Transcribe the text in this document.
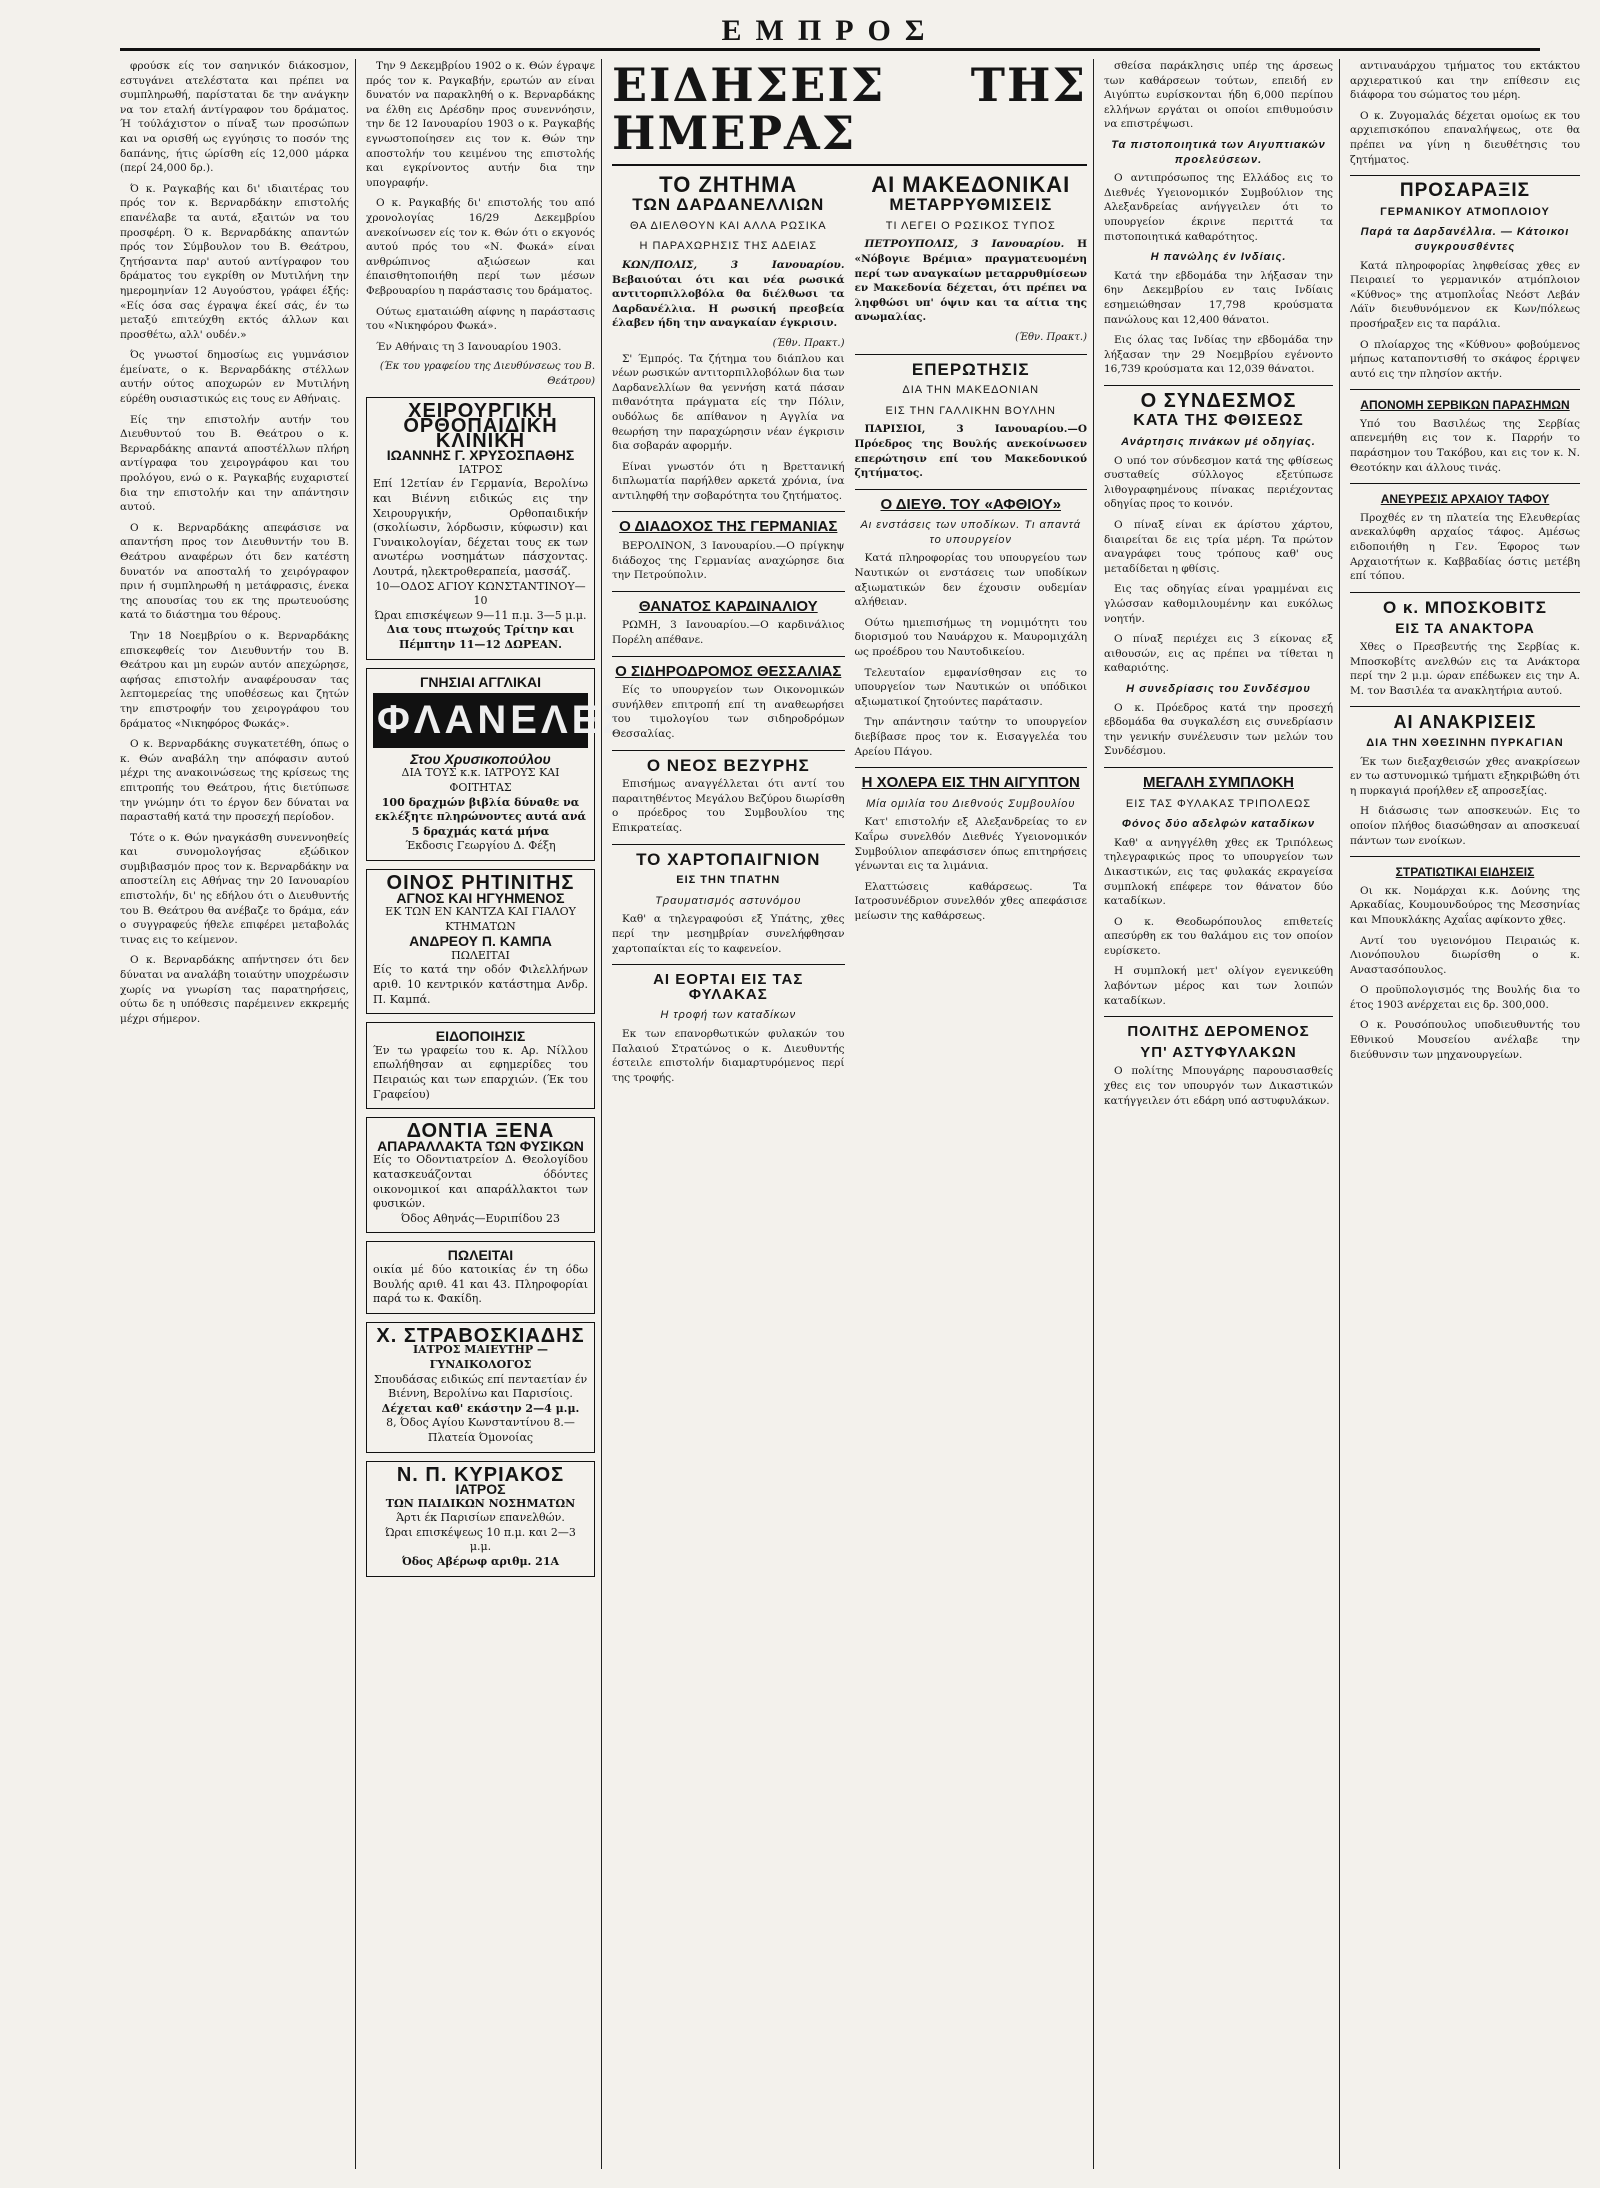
ΕΜΠΡΟΣ

φρούσκ είς τον σαηνικόν διάκοσμον, εστυγάνει ατελέστατα και πρέπει να συμπληρωθή, παρίσταται δε την ανάγκην να τον εταλή άντίγραφον του δράματος. Ή τούλάχιστον ο πίναξ των προσώπων και να ορισθή ως εγγύησις το ποσόν της δαπάνης, ήτις ώρίσθη είς 12,000 μάρκα (περί 24,000 δρ.).

Ό κ. Ραγκαβής και δι' ιδιαιτέρας του πρός τον κ. Βερναρδάκην επιστολής επανέλαβε τα αυτά, εξαιτών να του προσφέρη. Ό κ. Βερναρδάκης απαντών πρός τον Σύμβουλον του Β. Θεάτρου, ζητήσαντα παρ' αυτού αντίγραφον του δράματος του εγκρίθη ον Μυτιλήνη την ημερομηνίαν 12 Αυγούστου, γράφει έξής: «Είς όσα σας έγραψα έκεί σάς, έν τω μεταξύ επιτεύχθη εκτός άλλων και προσθέτω, αλλ' ουδέν.»

Ός γνωστοί δημοσίως εις γυμνάσιον έμείνατε, ο κ. Βερναρδάκης στέλλων αυτήν ούτος αποχωρών εν Μυτιλήνη εύρέθη ουσιαστικώς εις τους εν Αθήναις.

Είς την επιστολήν αυτήν του Διευθυντού του Β. Θεάτρου ο κ. Βερναρδάκης απαντά αποστέλλων πλήρη αντίγραφα του χειρογράφου και του προλόγου, ενώ ο κ. Ραγκαβής ευχαριστεί δια την επιστολήν και την απάντησιν αυτού.

Ο κ. Βερναρδάκης απεφάσισε να απαντήση προς τον Διευθυντήν του Β. Θεάτρου αναφέρων ότι δεν κατέστη δυνατόν να αποσταλή το χειρόγραφον πριν ή συμπληρωθή η μετάφρασις, ένεκα της απουσίας του εκ της πρωτευούσης κατά το διάστημα του θέρους.

Την 18 Νοεμβρίου ο κ. Βερναρδάκης επισκεφθείς τον Διευθυντήν του Β. Θεάτρου και μη ευρών αυτόν απεχώρησε, αφήσας επιστολήν αναφέρουσαν τας λεπτομερείας της υποθέσεως και ζητών την επιστροφήν του χειρογράφου του δράματος «Νικηφόρος Φωκάς».

Ο κ. Βερναρδάκης συγκατετέθη, όπως ο κ. Θών αναβάλη την απόφασιν αυτού μέχρι της ανακοινώσεως της κρίσεως της επιτροπής του Θεάτρου, ήτις διετύπωσε την γνώμην ότι το έργον δεν δύναται να παρασταθή κατά την προσεχή περίοδον.

Τότε ο κ. Θών ηναγκάσθη συνεννοηθείς και συνομολογήσας εξώδικον συμβιβασμόν προς τον κ. Βερναρδάκην να αποστείλη εις Αθήνας την 20 Ιανουαρίου επιστολήν, δι' ης εδήλου ότι ο Διευθυντής του Β. Θεάτρου θα ανέβαζε το δράμα, εάν ο συγγραφεύς ήθελε επιφέρει μεταβολάς τινας εις το κείμενον.

Ο κ. Βερναρδάκης απήντησεν ότι δεν δύναται να αναλάβη τοιαύτην υποχρέωσιν χωρίς να γνωρίση τας παρατηρήσεις, ούτω δε η υπόθεσις παρέμεινεν εκκρεμής μέχρι σήμερον.

Την 9 Δεκεμβρίου 1902 ο κ. Θών έγραψε πρός τον κ. Ραγκαβήν, ερωτών αν είναι δυνατόν να παρακληθή ο κ. Βερναρδάκης να έλθη εις Δρέσδην προς συνεννόησιν, την δε 12 Ιανουαρίου 1903 ο κ. Ραγκαβής εγνωστοποίησεν εις τον κ. Θών την αποστολήν του κειμένου της επιστολής και εγκρίνοντος αυτήν δια την υπογραφήν.

Ο κ. Ραγκαβής δι' επιστολής του από χρονολογίας 16/29 Δεκεμβρίου ανεκοίνωσεν είς τον κ. Θών ότι ο εκγονός αυτού πρός του «Ν. Φωκά» είναι ανθρώπινος αξιώσεων και έπαισθητοποιήθη περί των μέσων Φεβρουαρίου η παράστασις του δράματος.

Ούτως εματαιώθη αίφνης η παράστασις του «Νικηφόρου Φωκά».

Έν Αθήναις τη 3 Ιανουαρίου 1903.

(Έκ του γραφείου της Διευθύνσεως του Β. Θεάτρου)
ΧΕΙΡΟΥΡΓΙΚΗ ΟΡΘΟΠΑΙΔΙΚΗ ΚΛΙΝΙΚΗ
ΙΩΑΝΝΗΣ Γ. ΧΡΥΣΟΣΠΑΘΗΣ
ΙΑΤΡΟΣ
Επί 12ετίαν έν Γερμανία, Βερολίνω και Βιέννη ειδικώς εις την Χειρουργικήν, Ορθοπαιδικήν (σκολίωσιν, λόρδωσιν, κύφωσιν) και Γυναικολογίαν, δέχεται τους εκ των ανωτέρω νοσημάτων πάσχοντας. Λουτρά, ηλεκτροθεραπεία, μασσάζ.
10—ΟΔΟΣ ΑΓΙΟΥ ΚΩΝΣΤΑΝΤΙΝΟΥ—10
Ώραι επισκέψεων 9—11 π.μ. 3—5 μ.μ.
Δια τους πτωχούς Τρίτην και Πέμπτην 11—12 ΔΩΡΕΑΝ.
ΓΝΗΣΙΑΙ ΑΓΓΛΙΚΑΙ
ΦΛΑΝΕΛΕΣ
Στου Χρυσικοπούλου
ΔΙΑ ΤΟΥΣ κ.κ. ΙΑΤΡΟΥΣ ΚΑΙ ΦΟΙΤΗΤΑΣ
100 δραχμών βιβλία δύναθε να εκλέξητε πληρώνοντες αυτά ανά 5 δραχμάς κατά μήνα
Έκδοσις Γεωργίου Δ. Φέξη
ΟΙΝΟΣ ΡΗΤΙΝΙΤΗΣ
ΑΓΝΟΣ ΚΑΙ ΗΓΥΗΜΕΝΟΣ
ΕΚ ΤΩΝ ΕΝ ΚΑΝΤΖΑ ΚΑΙ ΓΙΑΛΟΥ ΚΤΗΜΑΤΩΝ
ΑΝΔΡΕΟΥ Π. ΚΑΜΠΑ
ΠΩΛΕΙΤΑΙ
Είς το κατά την οδόν Φιλελλήνων αριθ. 10 κεντρικόν κατάστημα Ανδρ. Π. Καμπά.
ΕΙΔΟΠΟΙΗΣΙΣ
Έν τω γραφείω του κ. Αρ. Νίλλου επωλήθησαν αι εφημερίδες του Πειραιώς και των επαρχιών. (Έκ του Γραφείου)
ΔΟΝΤΙΑ ΞΕΝΑ
ΑΠΑΡΑΛΛΑΚΤΑ ΤΩΝ ΦΥΣΙΚΩΝ
Είς το Οδοντιατρείον Δ. Θεολογίδου κατασκευάζονται όδόντες οικονομικοί και απαράλλακτοι των φυσικών.
Όδος Αθηνάς—Ευριπίδου 23
ΠΩΛΕΙΤΑΙ
οικία μέ δύο κατοικίας έν τη όδω Βουλής αριθ. 41 και 43. Πληροφορίαι παρά τω κ. Φακίδη.
Χ. ΣΤΡΑΒΟΣΚΙΑΔΗΣ
ΙΑΤΡΟΣ ΜΑΙΕΥΤΗΡ — ΓΥΝΑΙΚΟΛΟΓΟΣ
Σπουδάσας ειδικώς επί πενταετίαν έν Βιέννη, Βερολίνω και Παρισίοις.
Δέχεται καθ' εκάστην 2—4 μ.μ.
8, Όδος Αγίου Κωνσταντίνου 8.—Πλατεία Όμονοίας
Ν. Π. ΚΥΡΙΑΚΟΣ
ΙΑΤΡΟΣ
ΤΩΝ ΠΑΙΔΙΚΩΝ ΝΟΣΗΜΑΤΩΝ
Άρτι έκ Παρισίων επανελθών.
Ώραι επισκέψεως 10 π.μ. και 2—3 μ.μ.
Όδος Αβέρωφ αριθμ. 21Α
ΕΙΔΗΣΕΙΣ ΤΗΣ ΗΜΕΡΑΣ
ΤΟ ΖΗΤΗΜΑ
ΤΩΝ ΔΑΡΔΑΝΕΛΛΙΩΝ
ΘΑ ΔΙΕΛΘΟΥΝ ΚΑΙ ΑΛΛΑ ΡΩΣΙΚΑ
Η ΠΑΡΑΧΩΡΗΣΙΣ ΤΗΣ ΑΔΕΙΑΣ

ΚΩΝ/ΠΟΛΙΣ, 3 Ιανουαρίου. Βεβαιούται ότι και νέα ρωσικά αντιτορπιλλοβόλα θα διέλθωσι τα Δαρδανέλλια. Η ρωσική πρεσβεία έλαβεν ήδη την αναγκαίαν έγκρισιν.

(Έθν. Πρακτ.)

Σ' Έμπρός. Τα ζήτημα του διάπλου και νέων ρωσικών αντιτορπιλλοβόλων δια των Δαρδανελλίων θα γεννήση κατά πάσαν πιθανότητα πράγματα είς την Πόλιν, ουδόλως δε απίθανον η Αγγλία να θεωρήση την παραχώρησιν νέαν έγκρισιν δια σοβαράν αφορμήν.

Είναι γνωστόν ότι η Βρεττανική διπλωματία παρήλθεν αρκετά χρόνια, ίνα αντιληφθή την σοβαρότητα του ζητήματος.

Ο ΔΙΑΔΟΧΟΣ ΤΗΣ ΓΕΡΜΑΝΙΑΣ

ΒΕΡΟΛΙΝΟΝ, 3 Ιανουαρίου.—Ο πρίγκηψ διάδοχος της Γερμανίας αναχώρησε δια την Πετρούπολιν.

ΘΑΝΑΤΟΣ ΚΑΡΔΙΝΑΛΙΟΥ

ΡΩΜΗ, 3 Ιανουαρίου.—Ο καρδινάλιος Πορέλη απέθανε.

Ο ΣΙΔΗΡΟΔΡΟΜΟΣ ΘΕΣΣΑΛΙΑΣ

Είς το υπουργείον των Οικονομικών συνήλθεν επιτροπή επί τη αναθεωρήσει του τιμολογίου των σιδηροδρόμων Θεσσαλίας.

Ο ΝΕΟΣ ΒΕΖΥΡΗΣ

Επισήμως αναγγέλλεται ότι αντί του παραιτηθέντος Μεγάλου Βεζύρου διωρίσθη ο πρόεδρος του Συμβουλίου της Επικρατείας.

ΤΟ ΧΑΡΤΟΠΑΙΓΝΙΟΝ
ΕΙΣ ΤΗΝ ΤΠΑΤΗΝ
Τραυματισμός αστυνόμου

Καθ' α τηλεγραφούσι εξ Υπάτης, χθες περί την μεσημβρίαν συνελήφθησαν χαρτοπαίκται είς το καφενείον.

ΑΙ ΕΟΡΤΑΙ ΕΙΣ ΤΑΣ ΦΥΛΑΚΑΣ
Η τροφή των καταδίκων

Εκ των επανορθωτικών φυλακών του Παλαιού Στρατώνος ο κ. Διευθυντής έστειλε επιστολήν διαμαρτυρόμενος περί της τροφής.

ΑΙ ΜΑΚΕΔΟΝΙΚΑΙ
ΜΕΤΑΡΡΥΘΜΙΣΕΙΣ
ΤΙ ΛΕΓΕΙ Ο ΡΩΣΙΚΟΣ ΤΥΠΟΣ

ΠΕΤΡΟΥΠΟΛΙΣ, 3 Ιανουαρίου. Η «Νόβογιε Βρέμια» πραγματευομένη περί των αναγκαίων μεταρρυθμίσεων εν Μακεδονία δέχεται, ότι πρέπει να ληφθώσι υπ' όψιν και τα αίτια της ανωμαλίας.

(Έθν. Πρακτ.)
ΕΠΕΡΩΤΗΣΙΣ
ΔΙΑ ΤΗΝ ΜΑΚΕΔΟΝΙΑΝ
ΕΙΣ ΤΗΝ ΓΑΛΛΙΚΗΝ ΒΟΥΛΗΝ

ΠΑΡΙΣΙΟΙ, 3 Ιανουαρίου.—Ο Πρόεδρος της Βουλής ανεκοίνωσεν επερώτησιν επί του Μακεδονικού ζητήματος.

Ο ΔΙΕΥΘ. ΤΟΥ «ΑΦΘΙΟΥ»
Αι ενστάσεις των υποδίκων. Τι απαντά το υπουργείον

Κατά πληροφορίας του υπουργείου των Ναυτικών οι ενστάσεις των υποδίκων αξιωματικών δεν έχουσιν ουδεμίαν αλήθειαν.

Ούτω ημιεπισήμως τη νομιμότητι του διορισμού του Ναυάρχου κ. Μαυρομιχάλη ως προέδρου του Ναυτοδικείου.

Τελευταίον εμφανίσθησαν εις το υπουργείον των Ναυτικών οι υπόδικοι αξιωματικοί ζητούντες παράτασιν.

Την απάντησιν ταύτην το υπουργείον διεβίβασε προς τον κ. Εισαγγελέα του Αρείου Πάγου.

Η ΧΟΛΕΡΑ ΕΙΣ ΤΗΝ ΑΙΓΥΠΤΟΝ
Μία ομιλία του Διεθνούς Συμβουλίου

Κατ' επιστολήν εξ Αλεξανδρείας το εν Καΐρω συνελθόν Διεθνές Υγειονομικόν Συμβούλιον απεφάσισεν όπως επιτηρήσεις γένωνται εις τα λιμάνια.

Ελαττώσεις καθάρσεως. Τα Ιατροσυνέδριον συνελθόν χθες απεφάσισε μείωσιν της καθάρσεως.

σθείσα παράκλησις υπέρ της άρσεως των καθάρσεων τούτων, επειδή εν Αιγύπτω ευρίσκονται ήδη 6,000 περίπου ελλήνων εργάται οι οποίοι επιθυμούσιν να επιστρέψωσι.

Τα πιστοποιητικά των Αιγυπτιακών προελεύσεων.

Ο αντιπρόσωπος της Ελλάδος εις το Διεθνές Υγειονομικόν Συμβούλιον της Αλεξανδρείας ανήγγειλεν ότι το υπουργείον έκρινε περιττά τα πιστοποιητικά καθαρότητος.

Η πανώλης έν Ινδίαις.

Κατά την εβδομάδα την λήξασαν την 6ην Δεκεμβρίου εν ταις Ινδίαις εσημειώθησαν 17,798 κρούσματα πανώλους και 12,400 θάνατοι.

Εις όλας τας Ινδίας την εβδομάδα την λήξασαν την 29 Νοεμβρίου εγένοντο 16,739 κρούσματα και 12,039 θάνατοι.

Ο ΣΥΝΔΕΣΜΟΣ
ΚΑΤΑ ΤΗΣ ΦΘΙΣΕΩΣ
Ανάρτησις πινάκων μέ οδηγίας.

Ο υπό τον σύνδεσμον κατά της φθίσεως συσταθείς σύλλογος εξετύπωσε λιθογραφημένους πίνακας περιέχοντας οδηγίας προς το κοινόν.

Ο πίναξ είναι εκ άρίστου χάρτου, διαιρείται δε εις τρία μέρη. Τα πρώτον αναγράφει τους τρόπους καθ' ους μεταδίδεται η φθίσις.

Εις τας οδηγίας είναι γραμμέναι εις γλώσσαν καθομιλουμένην και ευκόλως νοητήν.

Ο πίναξ περιέχει εις 3 είκονας εξ αιθουσών, εις ας πρέπει να τίθεται η καθαριότης.

Η συνεδρίασις του Συνδέσμου

Ο κ. Πρόεδρος κατά την προσεχή εβδομάδα θα συγκαλέση εις συνεδρίασιν την γενικήν συνέλευσιν των μελών του Συνδέσμου.

ΜΕΓΑΛΗ ΣΥΜΠΛΟΚΗ
ΕΙΣ ΤΑΣ ΦΥΛΑΚΑΣ ΤΡΙΠΟΛΕΩΣ
Φόνος δύο αδελφών καταδίκων

Καθ' α ανηγγέλθη χθες εκ Τριπόλεως τηλεγραφικώς προς το υπουργείον των Δικαστικών, εις τας φυλακάς εκραγείσα συμπλοκή επέφερε τον θάνατον δύο καταδίκων.

Ο κ. Θεοδωρόπουλος επιθετείς απεσύρθη εκ του θαλάμου εις τον οποίον ευρίσκετο.

Η συμπλοκή μετ' ολίγον εγενικεύθη λαβόντων μέρος και των λοιπών καταδίκων.

ΠΟΛΙΤΗΣ ΔΕΡΟΜΕΝΟΣ
ΥΠ' ΑΣΤΥΦΥΛΑΚΩΝ

Ο πολίτης Μπουγάρης παρουσιασθείς χθες εις τον υπουργόν των Δικαστικών κατήγγειλεν ότι εδάρη υπό αστυφυλάκων.

αντιναυάρχου τμήματος του εκτάκτου αρχιερατικού και την επίθεσιν εις διάφορα του σώματος του μέρη.

Ο κ. Ζυγομαλάς δέχεται ομοίως εκ του αρχιεπισκόπου επαναλήψεως, οτε θα πρέπει να γίνη η διευθέτησις του ζητήματος.

ΠΡΟΣΑΡΑΞΙΣ
ΓΕΡΜΑΝΙΚΟΥ ΑΤΜΟΠΛΟΙΟΥ
Παρά τα Δαρδανέλλια. — Κάτοικοι συγκρουσθέντες

Κατά πληροφορίας ληφθείσας χθες εν Πειραιεί το γερμανικόν ατμόπλοιον «Κύθνος» της ατμοπλοΐας Νεόστ Λεβάν Λάϊν διευθυνόμενον εκ Κων/πόλεως προσήραξεν εις τα παράλια.

Ο πλοίαρχος της «Κύθνου» φοβούμενος μήπως καταποντισθή το σκάφος έρριψεν αυτό εις την πλησίον ακτήν.

ΑΠΟΝΟΜΗ ΣΕΡΒΙΚΩΝ ΠΑΡΑΣΗΜΩΝ

Υπό του Βασιλέως της Σερβίας απενεμήθη εις τον κ. Παρρήν το παράσημον του Τακόβου, και εις τον κ. Ν. Θεοτόκην και άλλους τινάς.

ΑΝΕΥΡΕΣΙΣ ΑΡΧΑΙΟΥ ΤΑΦΟΥ

Προχθές εν τη πλατεία της Ελευθερίας ανεκαλύφθη αρχαίος τάφος. Αμέσως ειδοποιήθη η Γεν. Έφορος των Αρχαιοτήτων κ. Καββαδίας όστις μετέβη επί τόπου.

Ο κ. ΜΠΟΣΚΟΒΙΤΣ
ΕΙΣ ΤΑ ΑΝΑΚΤΟΡΑ

Χθες ο Πρεσβευτής της Σερβίας κ. Μποσκοβίτς ανελθών εις τα Ανάκτορα περί την 2 μ.μ. ώραν επέδωκεν εις την Α. Μ. τον Βασιλέα τα ανακλητήρια αυτού.

ΑΙ ΑΝΑΚΡΙΣΕΙΣ
ΔΙΑ ΤΗΝ ΧΘΕΣΙΝΗΝ ΠΥΡΚΑΓΙΑΝ

Έκ των διεξαχθεισών χθες ανακρίσεων εν τω αστυνομικώ τμήματι εξηκριβώθη ότι η πυρκαγιά προήλθεν εξ απροσεξίας.

Η διάσωσις των αποσκευών. Εις το οποίον πλήθος διασώθησαν αι αποσκευαί πάντων των ενοίκων.

ΣΤΡΑΤΙΩΤΙΚΑΙ ΕΙΔΗΣΕΙΣ

Οι κκ. Νομάρχαι κ.κ. Δούνης της Αρκαδίας, Κουμουνδούρος της Μεσσηνίας και Μπουκλάκης Αχαΐας αφίκοντο χθες.

Αντί του υγειονόμου Πειραιώς κ. Λιονόπουλου διωρίσθη ο κ. Αναστασόπουλος.

Ο προϋπολογισμός της Βουλής δια το έτος 1903 ανέρχεται εις δρ. 300,000.

Ο κ. Ρουσόπουλος υποδιευθυντής του Εθνικού Μουσείου ανέλαβε την διεύθυνσιν των μηχανουργείων.
